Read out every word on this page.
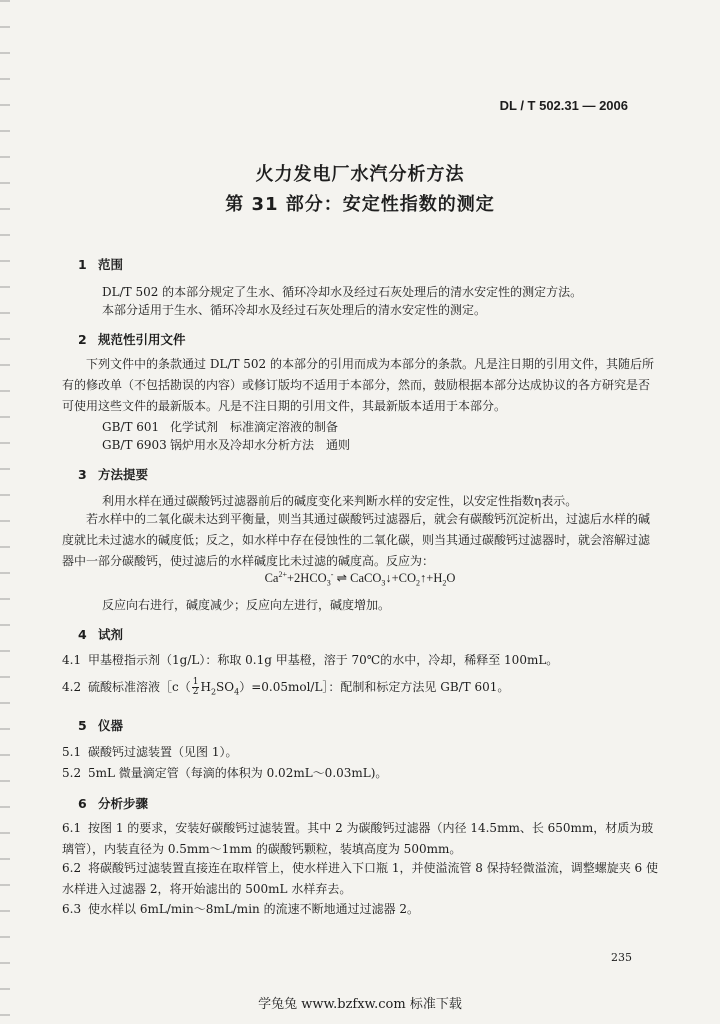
DL / T 502.31 — 2006
火力发电厂水汽分析方法
第 31 部分：安定性指数的测定
1 范围
DL/T 502 的本部分规定了生水、循环冷却水及经过石灰处理后的清水安定性的测定方法。
本部分适用于生水、循环冷却水及经过石灰处理后的清水安定性的测定。
2 规范性引用文件
下列文件中的条款通过 DL/T 502 的本部分的引用而成为本部分的条款。凡是注日期的引用文件，其随后所有的修改单（不包括勘误的内容）或修订版均不适用于本部分，然而，鼓励根据本部分达成协议的各方研究是否可使用这些文件的最新版本。凡是不注日期的引用文件，其最新版本适用于本部分。
GB/T 601 化学试剂　标准滴定溶液的制备
GB/T 6903 锅炉用水及冷却水分析方法　通则
3 方法提要
利用水样在通过碳酸钙过滤器前后的碱度变化来判断水样的安定性，以安定性指数η表示。
若水样中的二氧化碳未达到平衡量，则当其通过碳酸钙过滤器后，就会有碳酸钙沉淀析出，过滤后水样的碱度就比未过滤水的碱度低；反之，如水样中存在侵蚀性的二氧化碳，则当其通过碳酸钙过滤器时，就会溶解过滤器中一部分碳酸钙，使过滤后的水样碱度比未过滤的碱度高。反应为：
$Ca^{2+}+2HCO_3^-$ ⇌ $CaCO_3↓+CO_2↑+H_2O$
反应向右进行，碱度减少；反应向左进行，碱度增加。
4 试剂
4.1 甲基橙指示剂（1g/L）：称取 0.1g 甲基橙，溶于 70℃的水中，冷却，稀释至 100mL。
4.2 硫酸标准溶液［c（ $\frac{1}{2}$ $H_2SO_4)=0.05mol/L]$：配制和标定方法见 GB/T 601。
5 仪器
5.1 碳酸钙过滤装置（见图 1）。
5.2 5mL 微量滴定管（每滴的体积为 0.02mL～0.03mL)。
6 分析步骤
6.1 按图 1 的要求，安装好碳酸钙过滤装置。其中 2 为碳酸钙过滤器（内径 14.5mm、长 650mm，材质为玻璃管），内装直径为 0.5mm～1mm 的碳酸钙颗粒，装填高度为 500mm。
6.2 将碳酸钙过滤装置直接连在取样管上，使水样进入下口瓶 1，并使溢流管 8 保持轻微溢流，调整螺旋夹 6 使水样进入过滤器 2，将开始滤出的 500mL 水样弃去。
6.3 使水样以 6mL/min～8mL/min 的流速不断地通过过滤器 2。
235
学兔兔 www.bzfxw.com 标准下载
